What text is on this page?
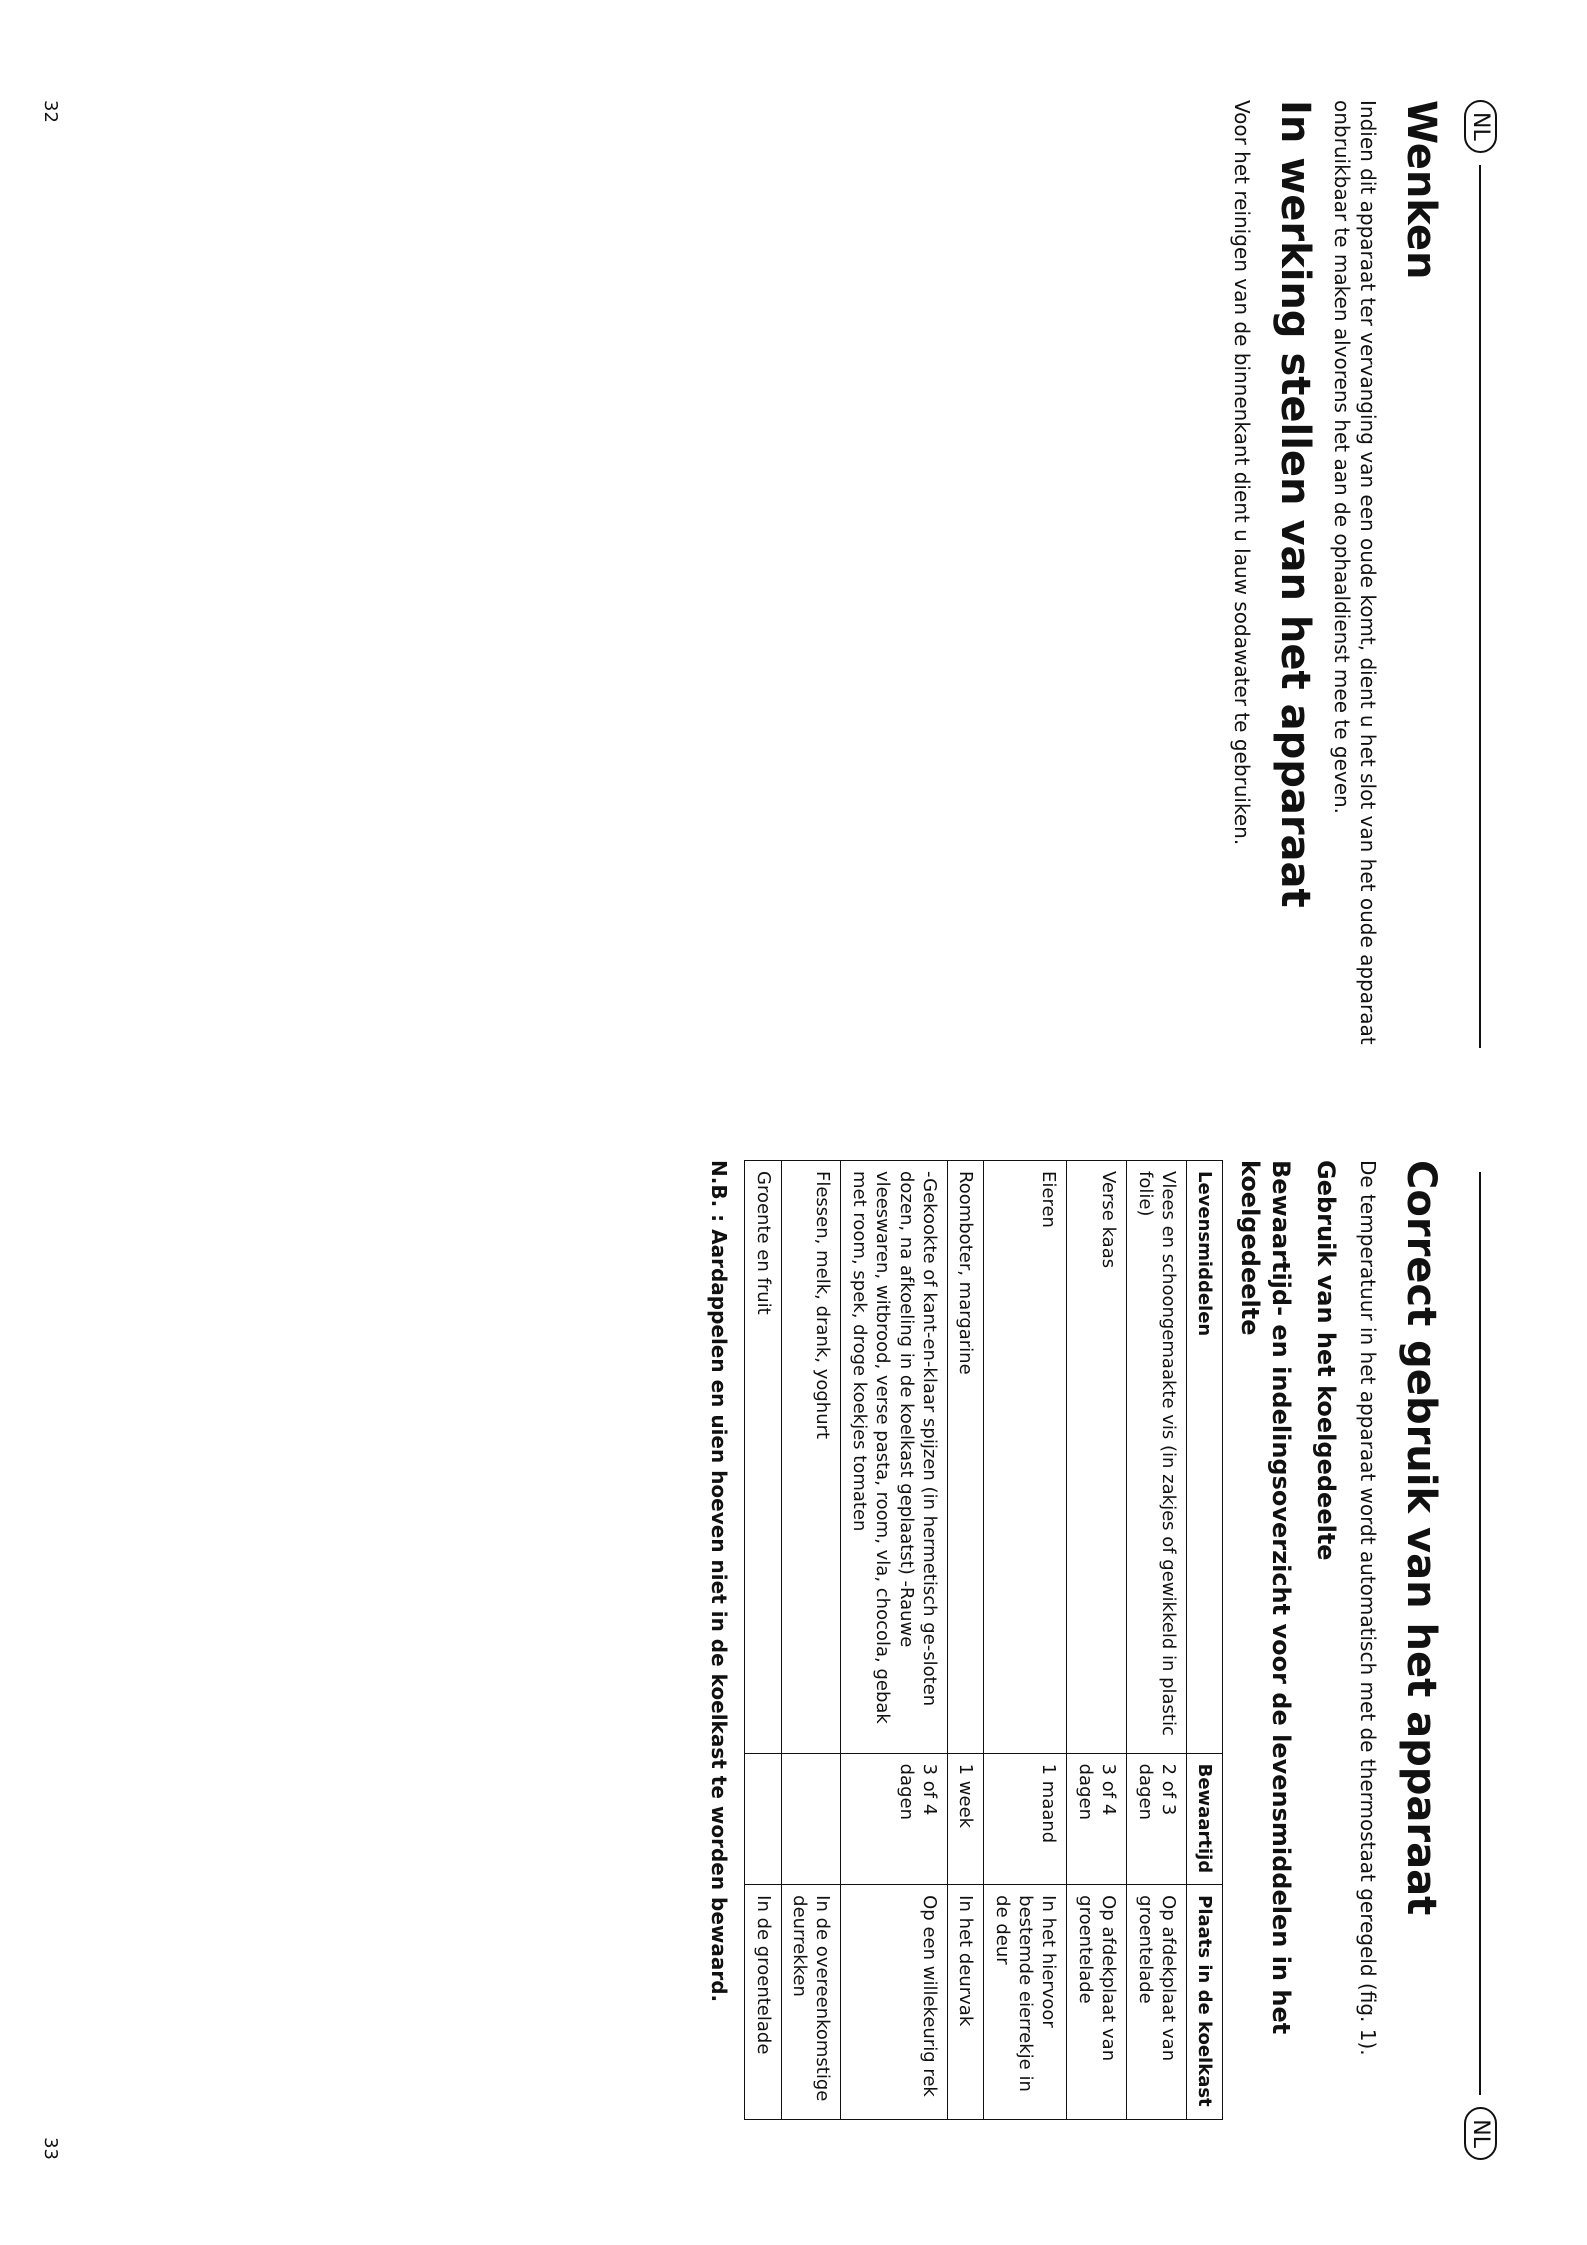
NL
Wenken

Indien dit apparaat ter vervanging van een oude komt, dient u het slot van het oude apparaat onbruikbaar te maken alvorens het aan de ophaaldienst mee te geven.

In werking stellen van het apparaat

Voor het reinigen van de binnenkant dient u lauw sodawater te gebruiken.

32
NL
Correct gebruik van het apparaat

De temperatuur in het apparaat wordt automatisch met de thermostaat geregeld (fig. 1).

Gebruik van het koelgedeelte
Bewaartijd- en indelingsoverzicht voor de levensmiddelen in het koelgedeelte
Levensmiddelen	Bewaartijd	Plaats in de koelkast
Vlees en schoongemaakte vis (in zakjes of gewikkeld in plastic folie)	2 of 3 dagen	Op afdekplaat van groentelade
Verse kaas	3 of 4 dagen	Op afdekplaat van groentelade
Eieren	1 maand	In het hiervoor bestemde eierrekje in de deur
Roomboter, margarine	1 week	In het deurvak
-Gekookte of kant-en-klaar spijzen (in hermetisch ge-sloten dozen, na afkoeling in de koelkast geplaatst) -Rauwe vleeswaren, witbrood, verse pasta, room, vla, chocola, gebak met room, spek, droge koekjes tomaten	3 of 4 dagen	Op een willekeurig rek
Flessen, melk, drank, yoghurt		In de overeenkomstige deurrekken
Groente en fruit		In de groentelade
N.B. : Aardappelen en uien hoeven niet in de koelkast te worden bewaard.
33
